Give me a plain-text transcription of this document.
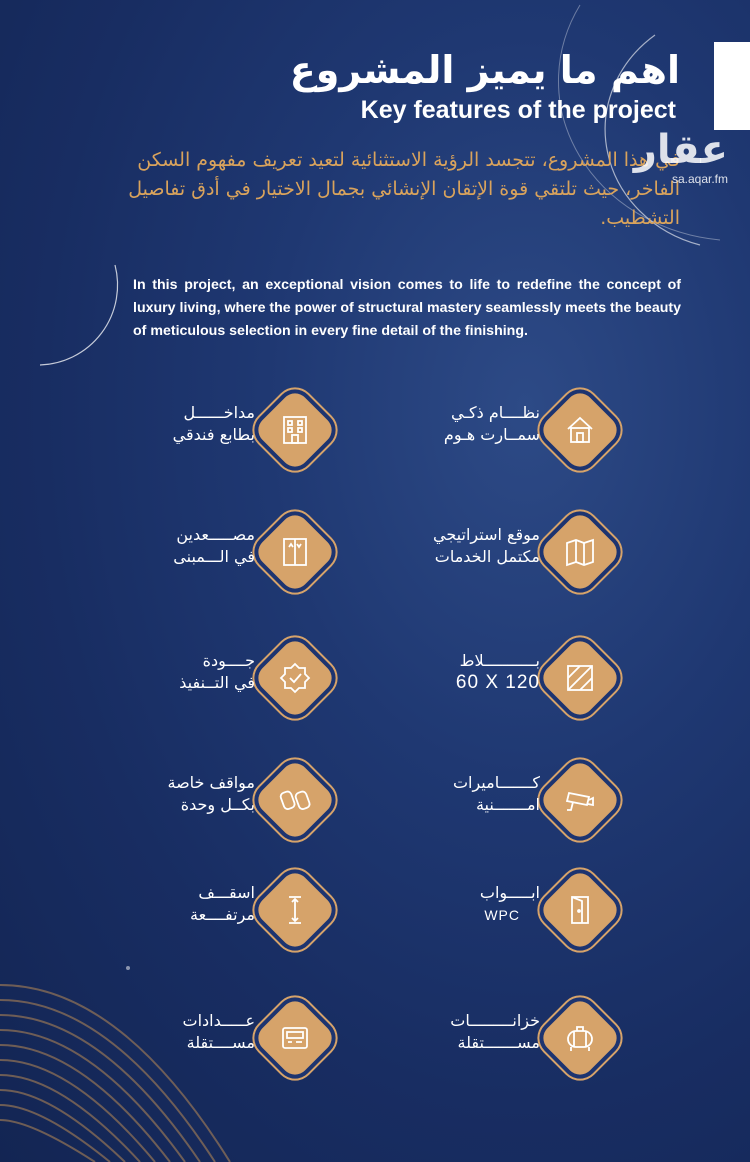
اهم ما يميز المشروع
Key features of the project
في هذا المشروع، تتجسد الرؤية الاستثنائية لتعيد تعريف مفهوم السكن الفاخر، حيث تلتقي قوة الإتقان الإنشائي بجمال الاختيار في أدق تفاصيل التشطيب.
عقار
sa.aqar.fm
In this project, an exceptional vision comes to life to redefine the concept of luxury living, where the power of structural mastery seamlessly meets the beauty of meticulous selection in every fine detail of the finishing.
نظــــام ذكـي
سمــارت هـوم
مداخــــــل
بطابع فندقي
موقع استراتيجي
مكتمل الخدمات
مصـــــعدين
في الـــمبنى
بـــــــــــلاط
60 X 120
جــــودة
في التــنفيذ
كـــــــاميرات
امـــــــنية
مواقف خاصة
بكــل وحدة
ابـــــواب
WPC
اسقـــف
مرتفــــعة
خزانـــــــــات
مســـــــتقلة
عـــــدادات
مســــتقلة
